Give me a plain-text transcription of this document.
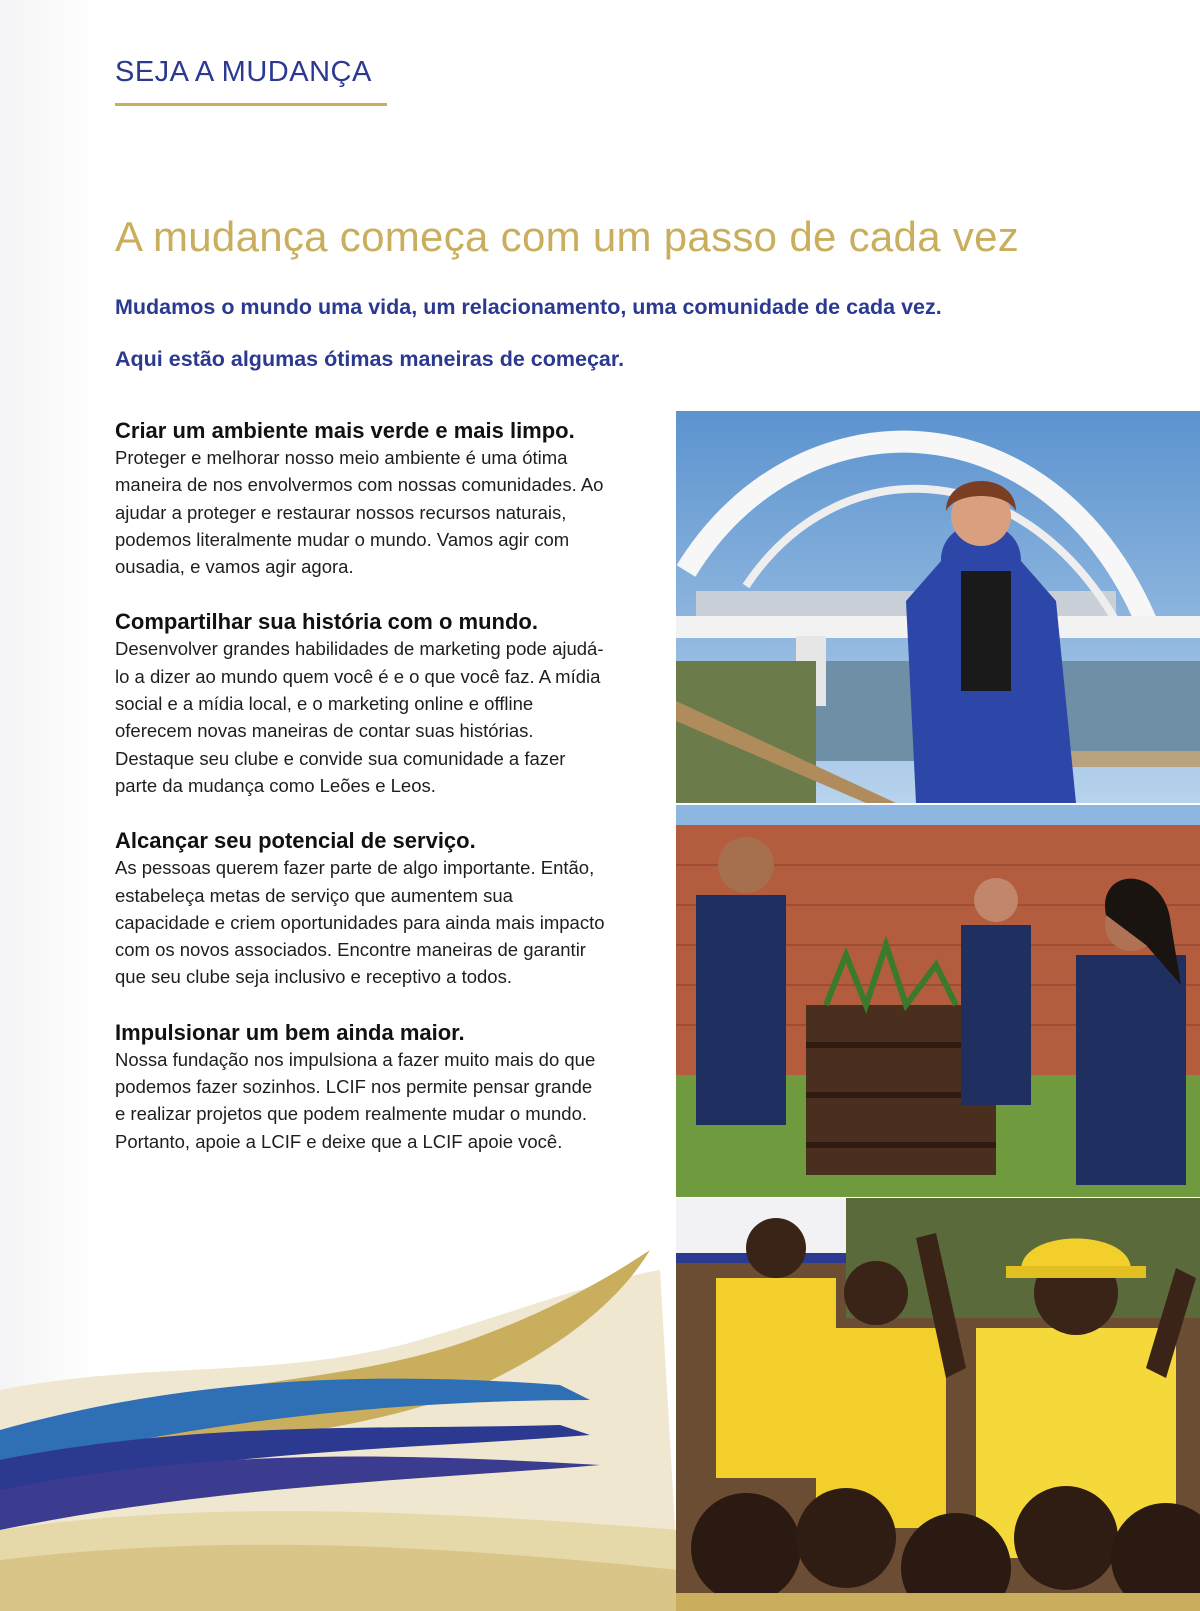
SEJA A MUDANÇA
A mudança começa com um passo de cada vez

Mudamos o mundo uma vida, um relacionamento, uma comunidade de cada vez.

Aqui estão algumas ótimas maneiras de começar.

Criar um ambiente mais verde e mais limpo.

Proteger e melhorar nosso meio ambiente é uma ótima maneira de nos envolvermos com nossas comunidades. Ao ajudar a proteger e restaurar nossos recursos naturais, podemos literalmente mudar o mundo. Vamos agir com ousadia, e vamos agir agora.

Compartilhar sua história com o mundo.

Desenvolver grandes habilidades de marketing pode ajudá-lo a dizer ao mundo quem você é e o que você faz. A mídia social e a mídia local, e o marketing online e offline oferecem novas maneiras de contar suas histórias. Destaque seu clube e convide sua comunidade a fazer parte da mudança como Leões e Leos.

Alcançar seu potencial de serviço.

As pessoas querem fazer parte de algo importante. Então, estabeleça metas de serviço que aumentem sua capacidade e criem oportunidades para ainda mais impacto com os novos associados. Encontre maneiras de garantir que seu clube seja inclusivo e receptivo a todos.

Impulsionar um bem ainda maior.

Nossa fundação nos impulsiona a fazer muito mais do que podemos fazer sozinhos. LCIF nos permite pensar grande e realizar projetos que podem realmente mudar o mundo. Portanto, apoie a LCIF e deixe que a LCIF apoie você.
